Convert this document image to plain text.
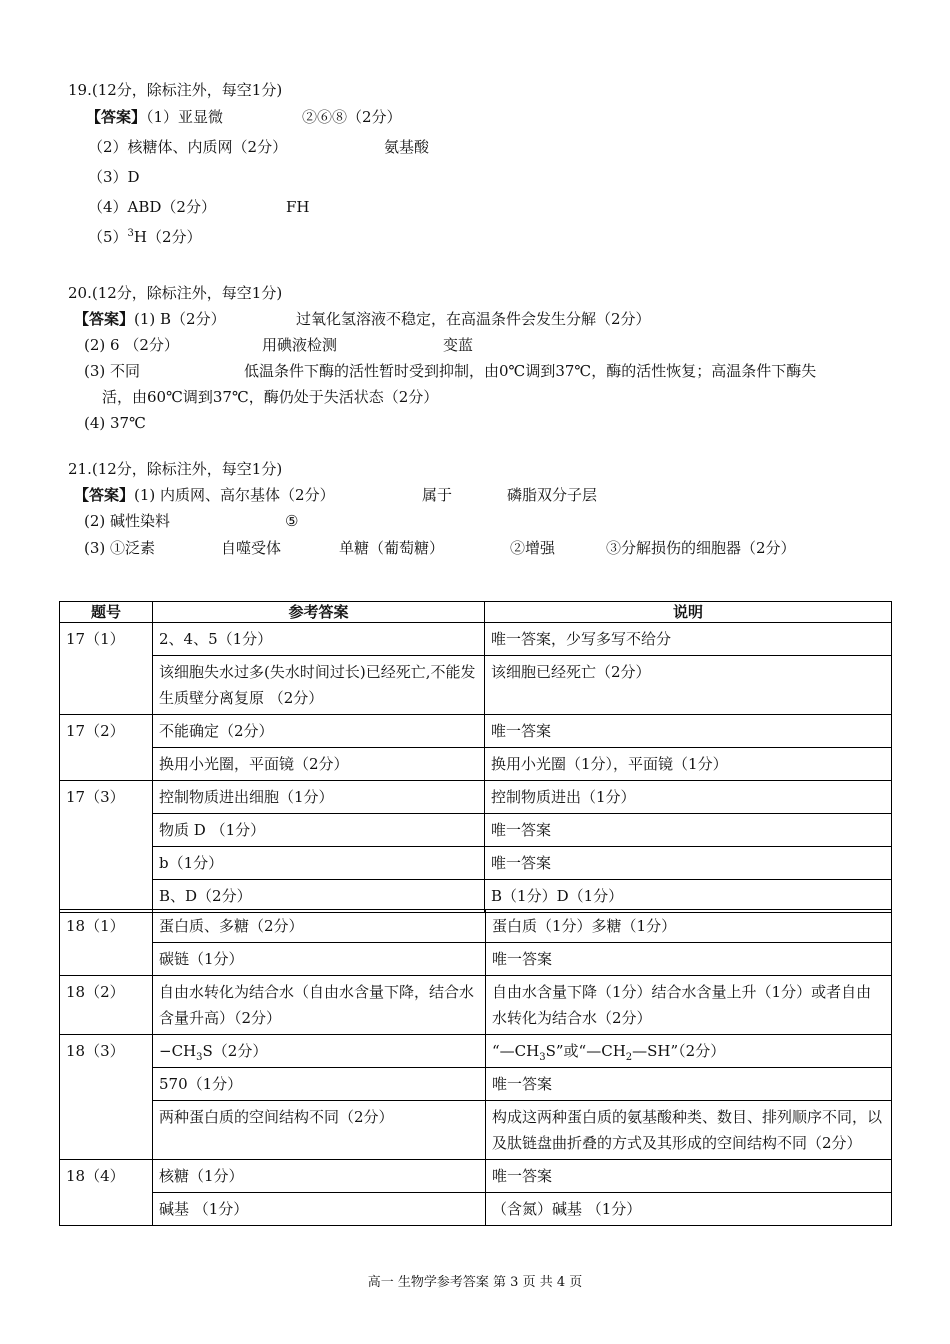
19.(12分，除标注外，每空1分)
【答案】（1）亚显微	②⑥⑧（2分）
（2）核糖体、内质网（2分）	氨基酸
（3）D
（4）ABD（2分）	FH
$(5)^3H(2$分）
20.(12分，除标注外，每空1分)
【答案】(1) B（2分）	过氧化氢溶液不稳定，在高温条件会发生分解（2分）
(2) 6 （2分）	用碘液检测	变蓝
(3) 不同	低温条件下酶的活性暂时受到抑制，由0℃调到37℃，酶的活性恢复；高温条件下酶失
活，由60℃调到37℃，酶仍处于失活状态（2分）
(4) 37℃
21.(12分，除标注外，每空1分)
【答案】(1) 内质网、高尔基体（2分）	属于	磷脂双分子层
(2) 碱性染料	⑤
(3) ①泛素	自噬受体	单糖（葡萄糖）	②增强	③分解损伤的细胞器（2分）
题号	参考答案	说明
17（1）	2、4、5（1分）	唯一答案，少写多写不给分
	该细胞失水过多(失水时间过长)已经死亡,不能发生质壁分离复原 （2分）	该细胞已经死亡（2分）
17（2）	不能确定（2分）	唯一答案
	换用小光圈，平面镜（2分）	换用小光圈（1分），平面镜（1分）
17（3）	控制物质进出细胞（1分）	控制物质进出（1分）
	物质 D （1分）	唯一答案
	b（1分）	唯一答案
	B、D（2分）	B（1分）D（1分）
18（1）	蛋白质、多糖（2分）	蛋白质（1分）多糖（1分）
	碳链（1分）	唯一答案
18（2）	自由水转化为结合水（自由水含量下降，结合水含量升高）（2分）	自由水含量下降（1分）结合水含量上升（1分）或者自由水转化为结合水（2分）
18（3）	$-CH_3S(2$分）	“$—CH_3S$”或“$—CH_2—SH”(2$分）
	570（1分）	唯一答案
	两种蛋白质的空间结构不同（2分）	构成这两种蛋白质的氨基酸种类、数目、排列顺序不同，以及肽链盘曲折叠的方式及其形成的空间结构不同（2分）
18（4）	核糖（1分）	唯一答案
	碱基 （1分）	（含氮）碱基 （1分）
高一 生物学参考答案 第 3 页 共 4 页
